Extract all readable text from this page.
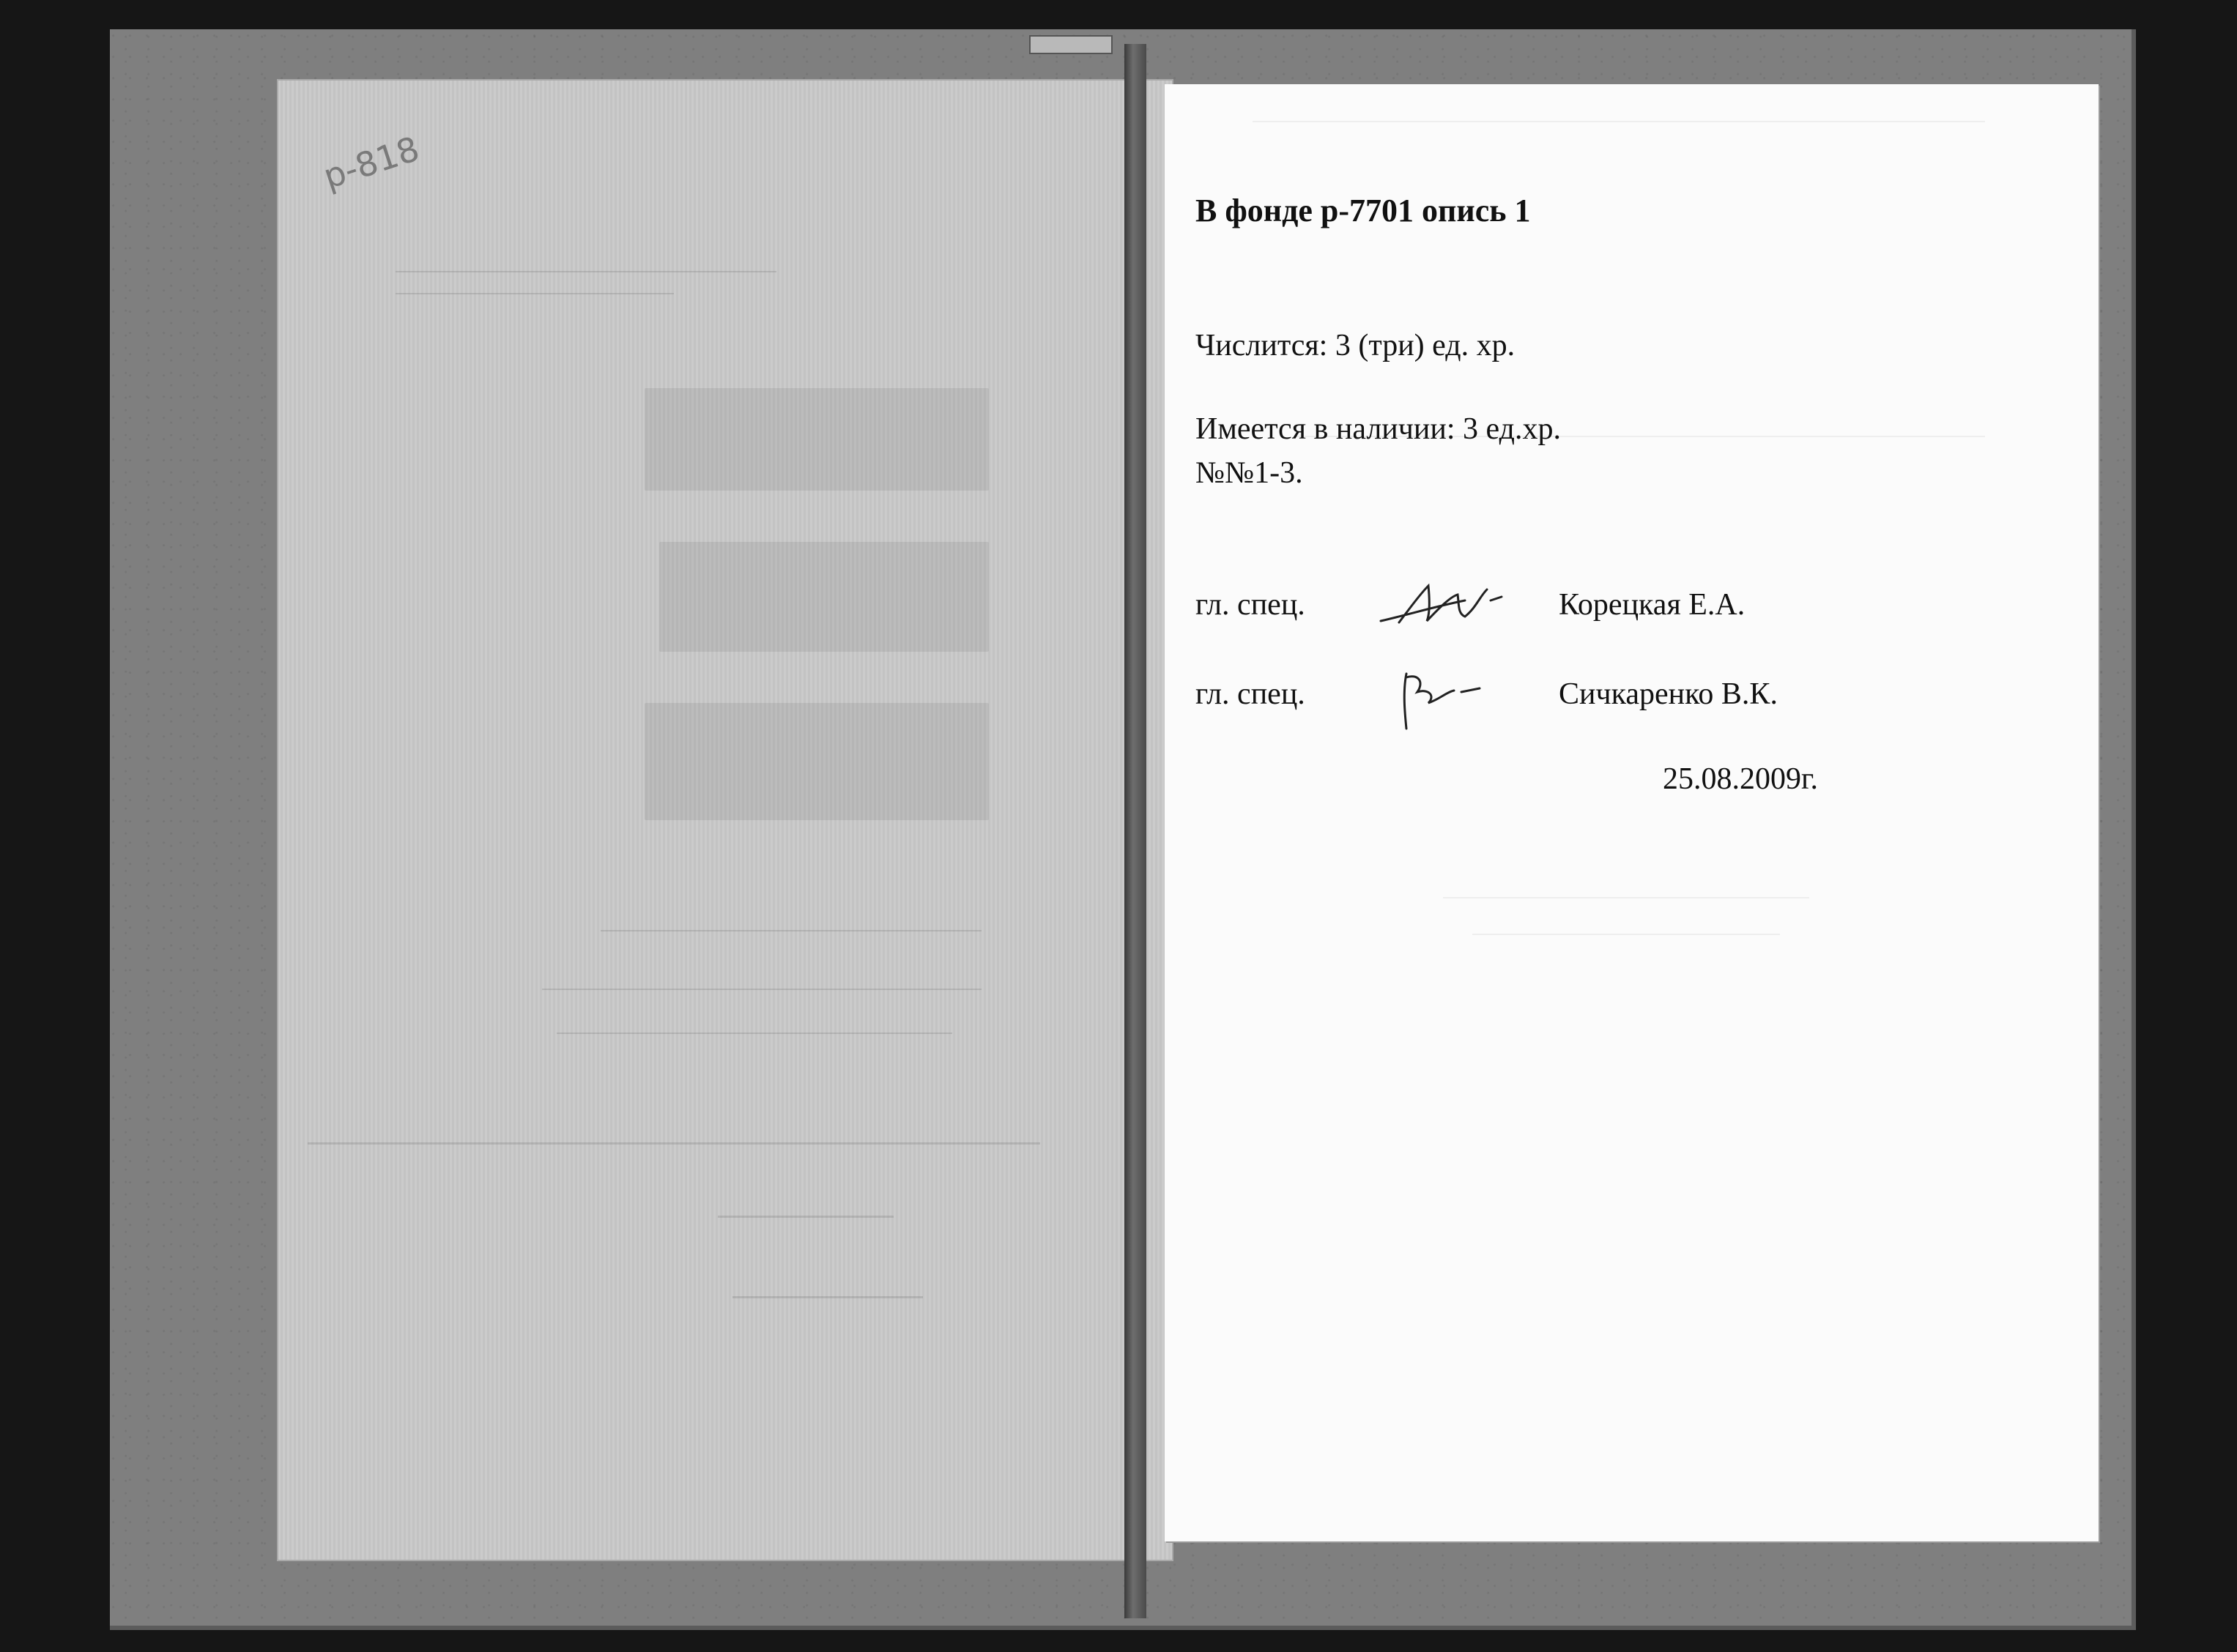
р-818
В фонде р-7701 опись 1
Числится: 3 (три) ед. хр.
Имеется в наличии: 3 ед.хр.
№№1-3.
гл. спец.	Корецкая Е.А.
гл. спец.	Сичкаренко В.К.
25.08.2009г.
